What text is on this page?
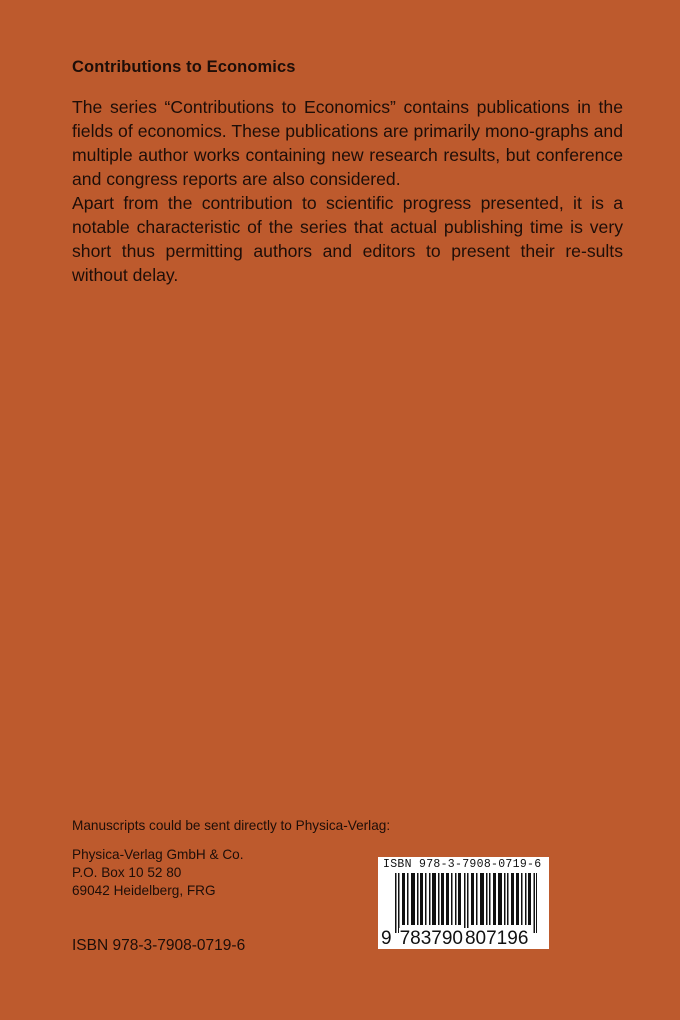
Contributions to Economics
The series “Contributions to Economics” contains publications in the fields of economics. These publications are primarily mono-graphs and multiple author works containing new research results, but conference and congress reports are also considered.
Apart from the contribution to scientific progress presented, it is a notable characteristic of the series that actual publishing time is very short thus permitting authors and editors to present their re-sults without delay.
Manuscripts could be sent directly to Physica-Verlag:
Physica-Verlag GmbH & Co.
P.O. Box 10 52 80
69042 Heidelberg, FRG
ISBN 978-3-7908-0719-6
ISBN 978-3-7908-0719-6
9 783790 807196
